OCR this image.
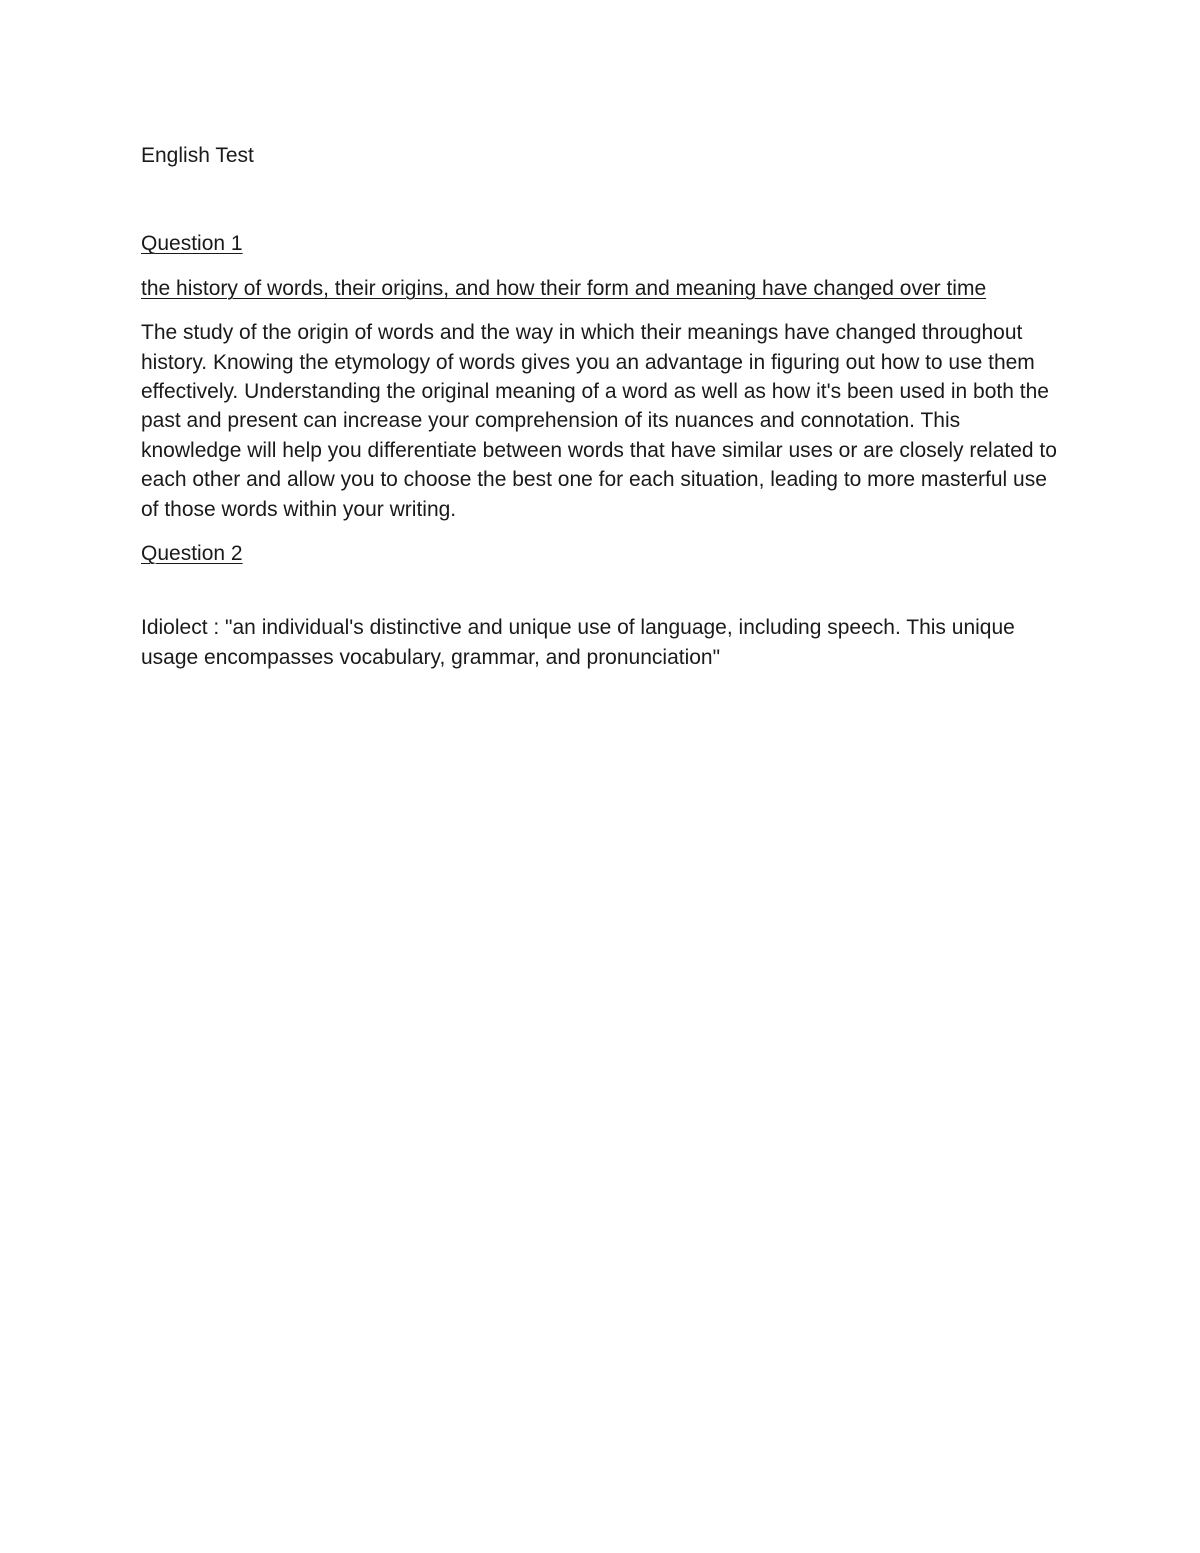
English Test
Question 1

the history of words, their origins, and how their form and meaning have changed over time

The study of the origin of words and the way in which their meanings have changed throughout history. Knowing the etymology of words gives you an advantage in figuring out how to use them effectively. Understanding the original meaning of a word as well as how it's been used in both the past and present can increase your comprehension of its nuances and connotation. This knowledge will help you differentiate between words that have similar uses or are closely related to each other and allow you to choose the best one for each situation, leading to more masterful use of those words within your writing.

Question 2

Idiolect : "an individual's distinctive and unique use of language, including speech. This unique usage encompasses vocabulary, grammar, and pronunciation"
